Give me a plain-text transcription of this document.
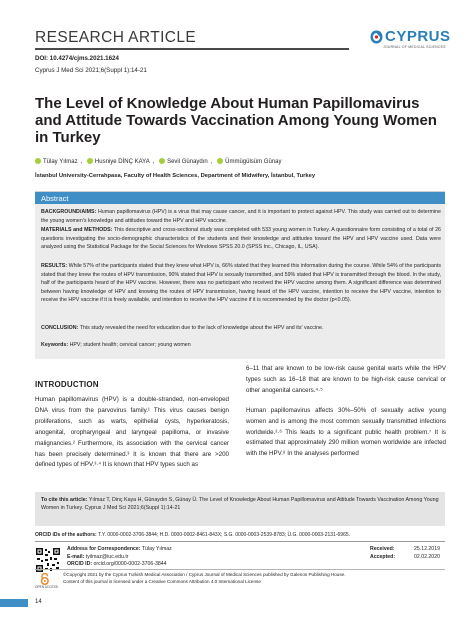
RESEARCH ARTICLE
DOI: 10.4274/cjms.2021.1624
Cyprus J Med Sci 2021;6(Suppl 1):14-21
CYPRUS
JOURNAL OF MEDICAL SCIENCES
The Level of Knowledge About Human Papillomavirus and Attitude Towards Vaccination Among Young Women in Turkey
Tülay Yılmaz , Husniye DİNÇ KAYA , Sevil Günaydın , Ümmügülsüm Günay
İstanbul University-Cerrahpasa, Faculty of Health Sciences, Department of Midwifery, İstanbul, Turkey
Abstract

BACKGROUND/AIMS: Human papillomavirus (HPV) is a virus that may cause cancer, and it is important to protect against HPV. This study was carried out to determine the young women's knowledge and attitudes toward the HPV and HPV vaccine.

MATERIALS and METHODS: This descriptive and cross-sectional study was completed with 533 young women in Turkey. A questionnaire form consisting of a total of 26 questions investigating the socio-demographic characteristics of the students and their knowledge and attitudes toward the HPV and HPV vaccine used. Data were analyzed using the Statistical Package for the Social Sciences for Windows SPSS 20.0 (SPSS Inc., Chicago, IL, USA).

RESULTS: While 57% of the participants stated that they knew what HPV is, 66% stated that they learned this information during the course. While 54% of the participants stated that they knew the routes of HPV transmission, 90% stated that HPV is sexually transmitted, and 59% stated that HPV is transmitted through the blood. In the study, half of the participants heard of the HPV vaccine. However, there was no participant who received the HPV vaccine among them. A significant difference was determined between having knowledge of HPV and knowing the routes of HPV transmission, having heard of the HPV vaccine, intention to receive the HPV vaccine, intention to receive the HPV vaccine if it is freely available, and intention to receive the HPV vaccine if it is recommended by the doctor (p<0.05).

CONCLUSION: This study revealed the need for education due to the lack of knowledge about the HPV and its' vaccine.

Keywords: HPV; student health; cervical cancer; young women

INTRODUCTION

Human papillomavirus (HPV) is a double-stranded, non-enveloped DNA virus from the parvovirus family.¹ This virus causes benign proliferations, such as warts, epithelial cysts, hyperkeratosis, anogenital, oropharyngeal and laryngeal papilloma, or invasive malignancies.² Furthermore, its association with the cervical cancer has been precisely determined.³ It is known that there are >200 defined types of HPV.³·⁴ It is known that HPV types such as

6–11 that are known to be low-risk cause genital warts while the HPV types such as 16–18 that are known to be high-risk cause cervical or other anogenital cancers.⁴·⁵

Human papillomavirus affects 30%–50% of sexually active young women and is among the most common sexually transmitted infections worldwide.²·⁶ This leads to a significant public health problem.⁷ It is estimated that approximately 290 million women worldwide are infected with the HPV.⁸ In the analyses performed

To cite this article: Yılmaz T, Dinç Kaya H, Günaydın S, Günay Ü. The Level of Knowledge About Human Papillomavirus and Attitude Towards Vaccination Among Young Women in Turkey. Cyprus J Med Sci 2021;6(Suppl 1):14-21

ORCID iDs of the authors: T.Y. 0000-0002-3706-3844; H.D. 0000-0002-8461-843X; S.G. 0000-0003-2539-8783; Ü.G. 0000-0003-2131-6965.
Address for Correspondence: Tülay Yılmaz
E-mail: tyilmaz@iuc.edu.tr
ORCID ID: orcid.org/0000-0002-3706-3844
Received:	25.12.2019
Accepted:	02.02.2020
OPEN ACCESS
©Copyright 2021 by the Cyprus Turkish Medical Association / Cyprus Journal of Medical Sciences published by Galenos Publishing House.
Content of this journal is licensed under a Creative Commons Attribution 4.0 International License
14
